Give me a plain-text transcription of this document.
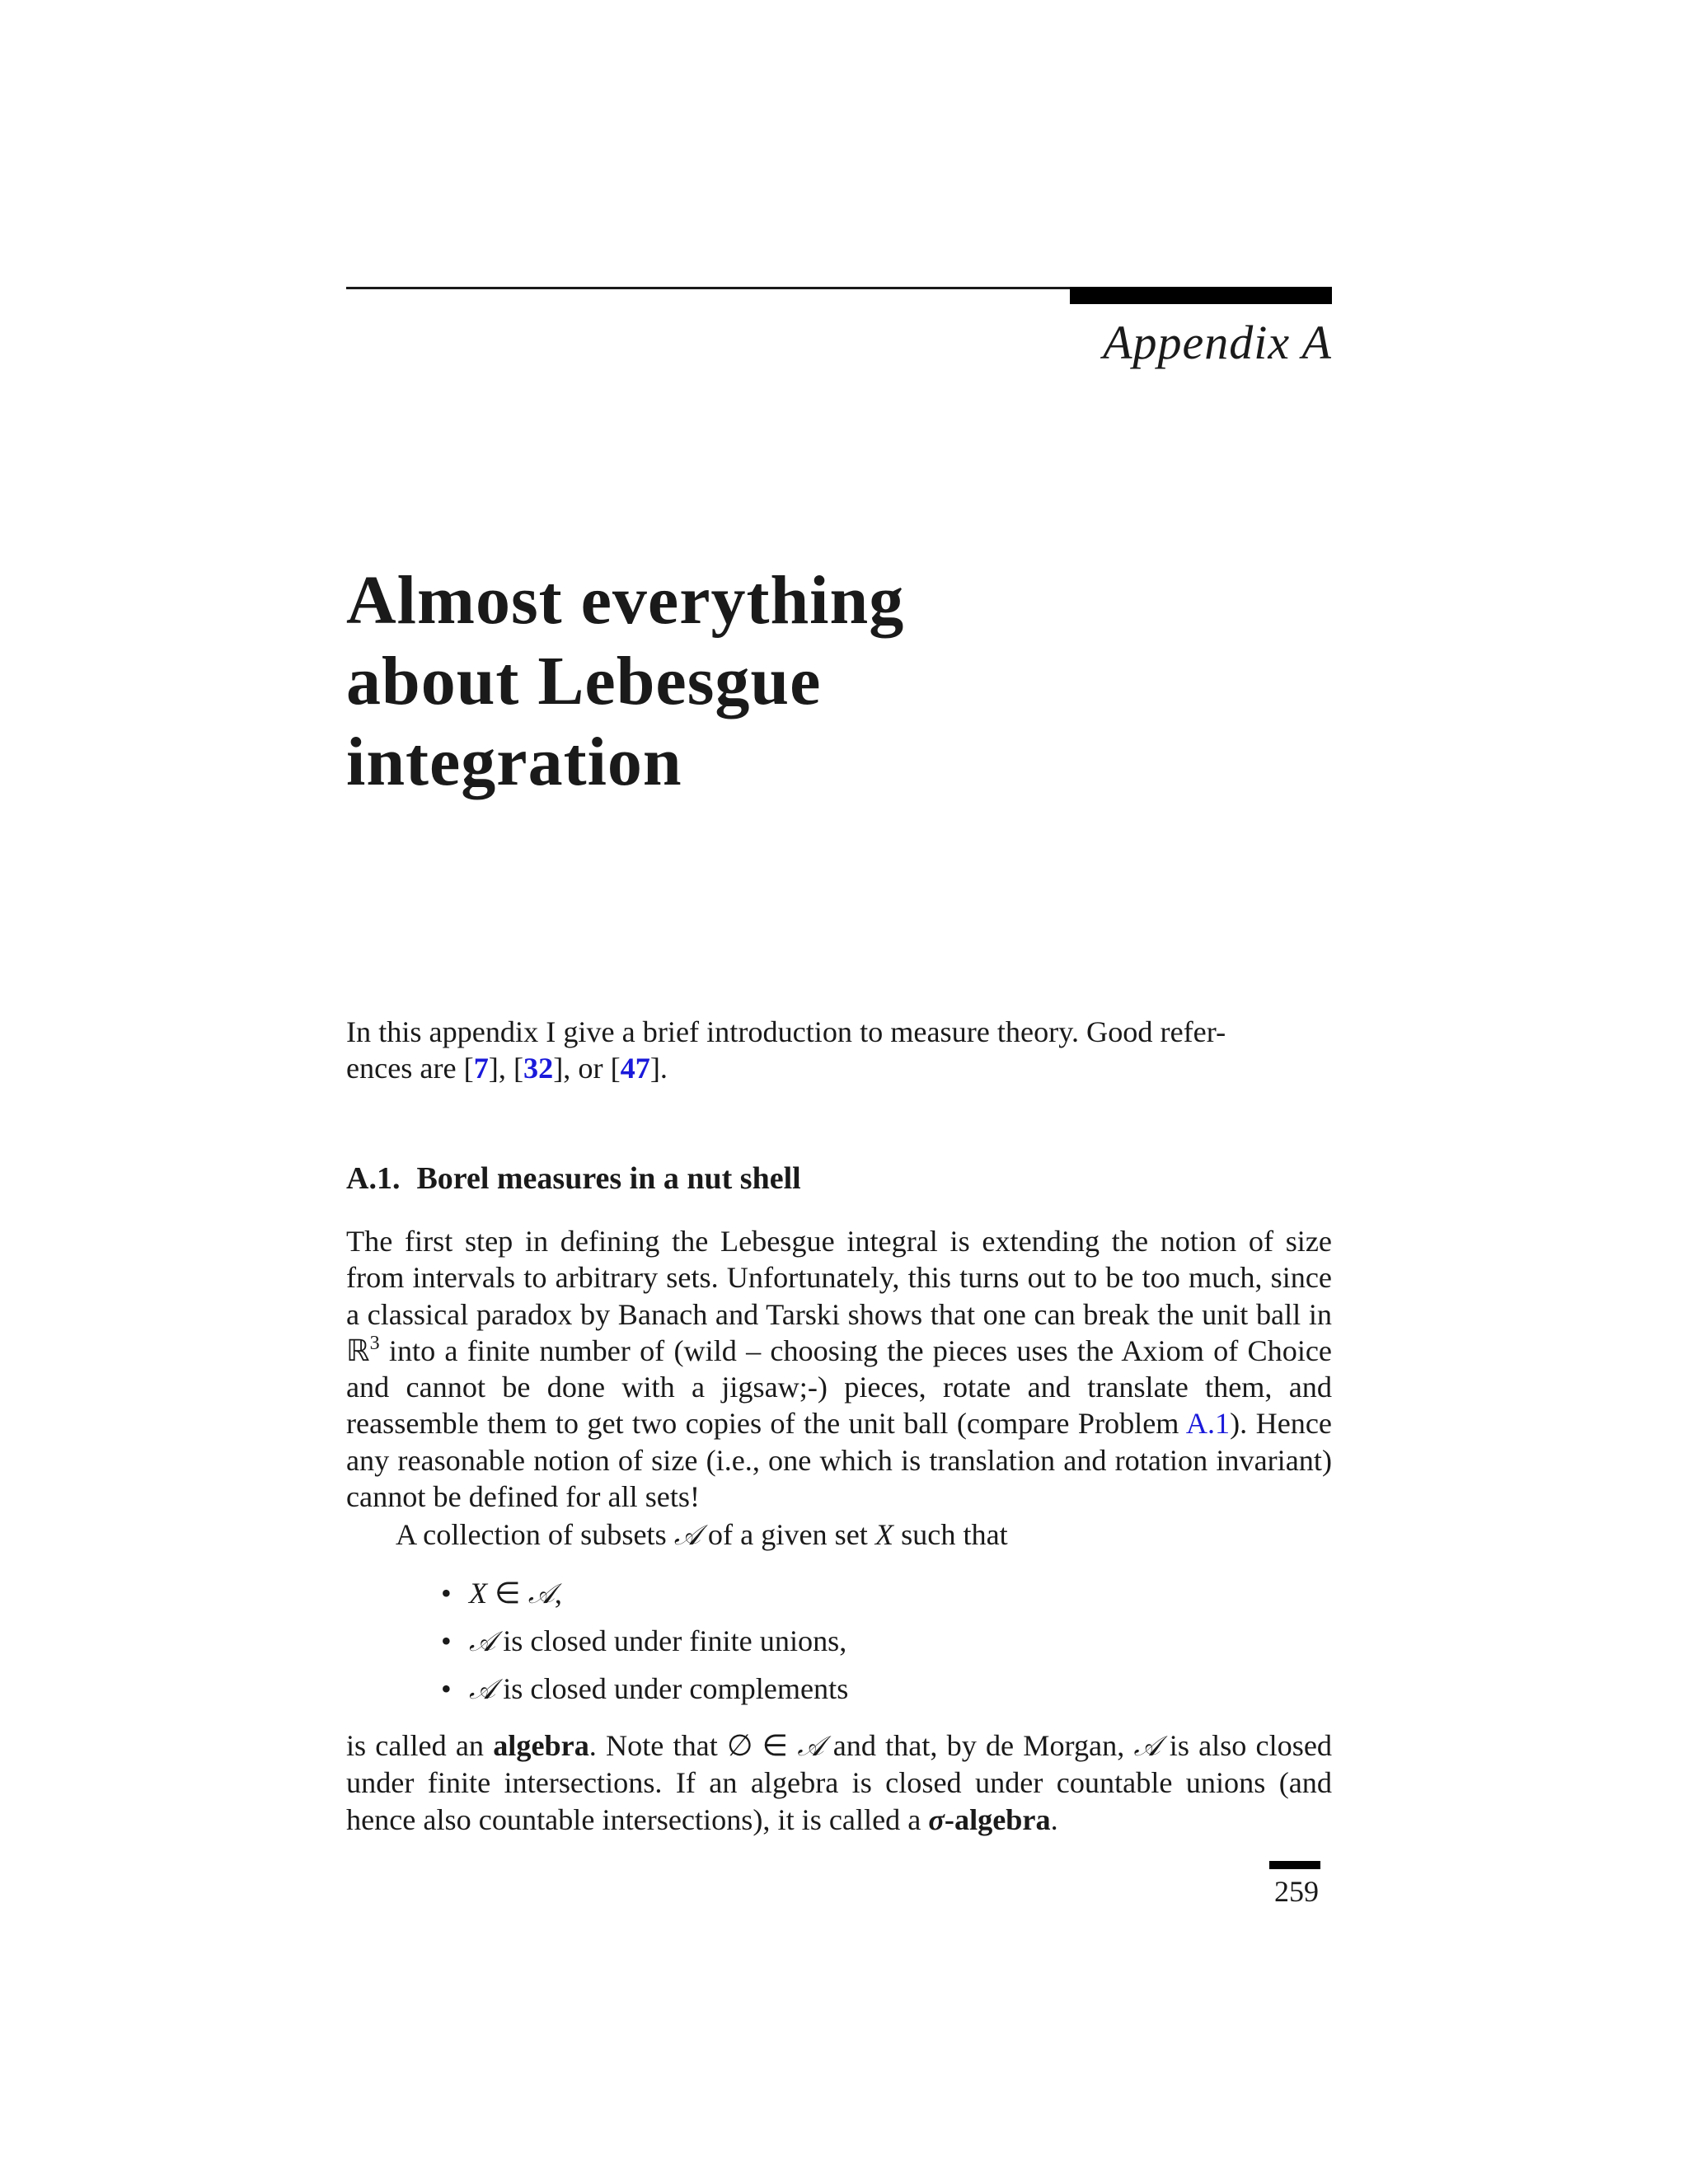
Appendix A
Almost everything
about Lebesgue
integration

In this appendix I give a brief introduction to measure theory. Good refer-
ences are [7], [32], or [47].

A.1. Borel measures in a nut shell

The first step in defining the Lebesgue integral is extending the notion of size from intervals to arbitrary sets. Unfortunately, this turns out to be too much, since a classical paradox by Banach and Tarski shows that one can break the unit ball in ℝ$^3$ into a finite number of (wild – choosing the pieces uses the Axiom of Choice and cannot be done with a jigsaw;-) pieces, rotate and translate them, and reassemble them to get two copies of the unit ball (compare Problem A.1). Hence any reasonable notion of size (i.e., one which is translation and rotation invariant) cannot be defined for all sets!

A collection of subsets 𝒜 of a given set X such that

• X ∈ 𝒜,
• 𝒜 is closed under finite unions,
• 𝒜 is closed under complements

is called an algebra. Note that ∅ ∈ 𝒜 and that, by de Morgan, 𝒜 is also closed under finite intersections. If an algebra is closed under countable unions (and hence also countable intersections), it is called a σ-algebra.

259
